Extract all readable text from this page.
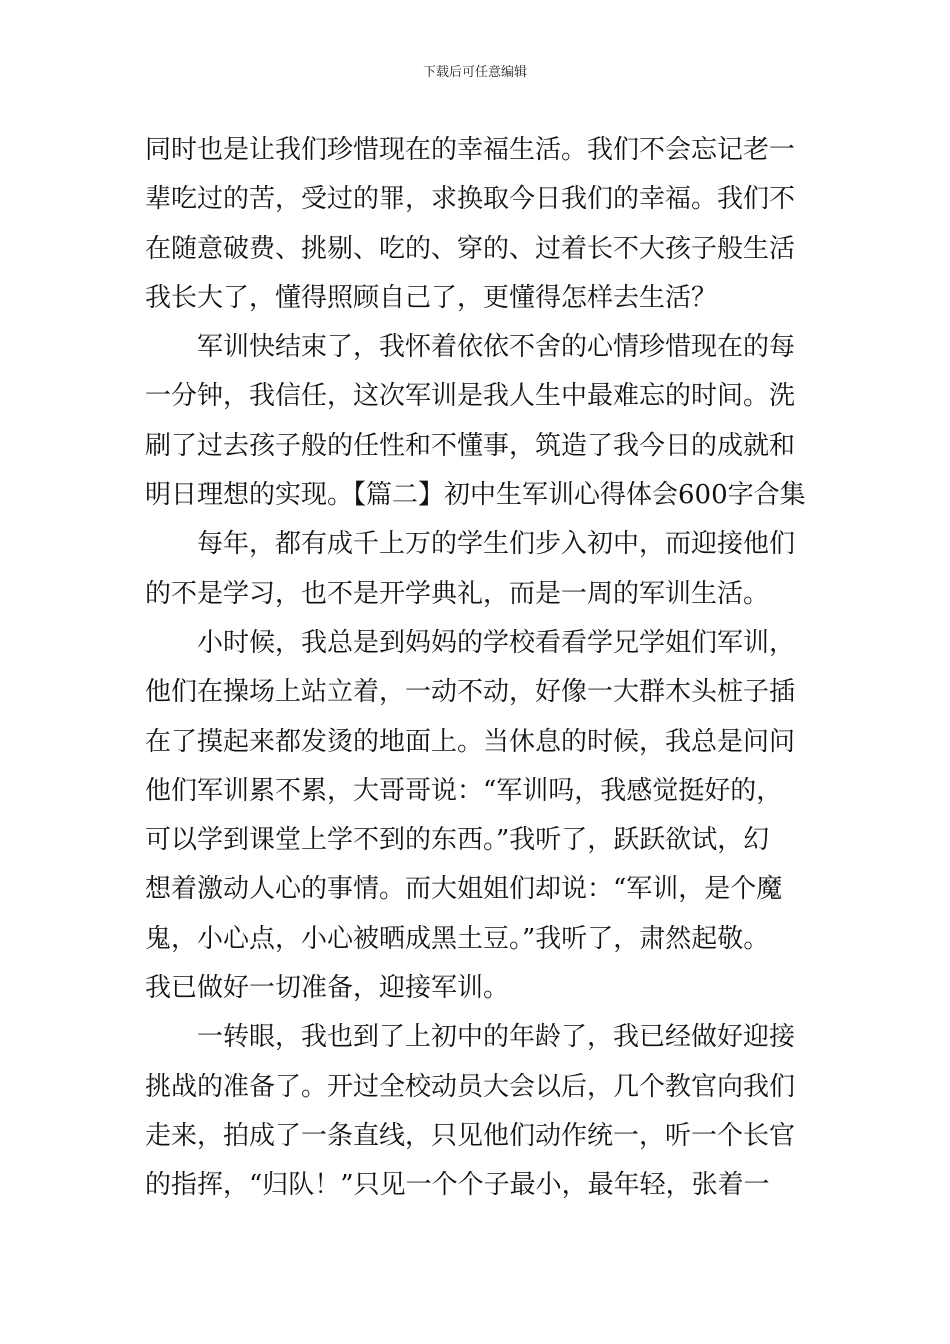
下载后可任意编辑
同时也是让我们珍惜现在的幸福生活。我们不会忘记老一
辈吃过的苦，受过的罪，求换取今日我们的幸福。我们不
在随意破费、挑剔、吃的、穿的、过着长不大孩子般生活
我长大了，懂得照顾自己了，更懂得怎样去生活？
军训快结束了，我怀着依依不舍的心情珍惜现在的每
一分钟，我信任，这次军训是我人生中最难忘的时间。洗
刷了过去孩子般的任性和不懂事，筑造了我今日的成就和
明日理想的实现。【篇二】初中生军训心得体会600字合集
每年，都有成千上万的学生们步入初中，而迎接他们
的不是学习，也不是开学典礼，而是一周的军训生活。
小时候，我总是到妈妈的学校看看学兄学姐们军训，
他们在操场上站立着，一动不动，好像一大群木头桩子插
在了摸起来都发烫的地面上。当休息的时候，我总是问问
他们军训累不累，大哥哥说：“军训吗，我感觉挺好的，
可以学到课堂上学不到的东西。”我听了，跃跃欲试，幻
想着激动人心的事情。而大姐姐们却说：“军训，是个魔
鬼，小心点，小心被晒成黑土豆。”我听了，肃然起敬。
我已做好一切准备，迎接军训。
一转眼，我也到了上初中的年龄了，我已经做好迎接
挑战的准备了。开过全校动员大会以后，几个教官向我们
走来，拍成了一条直线，只见他们动作统一，听一个长官
的指挥，“归队！”只见一个个子最小，最年轻，张着一
